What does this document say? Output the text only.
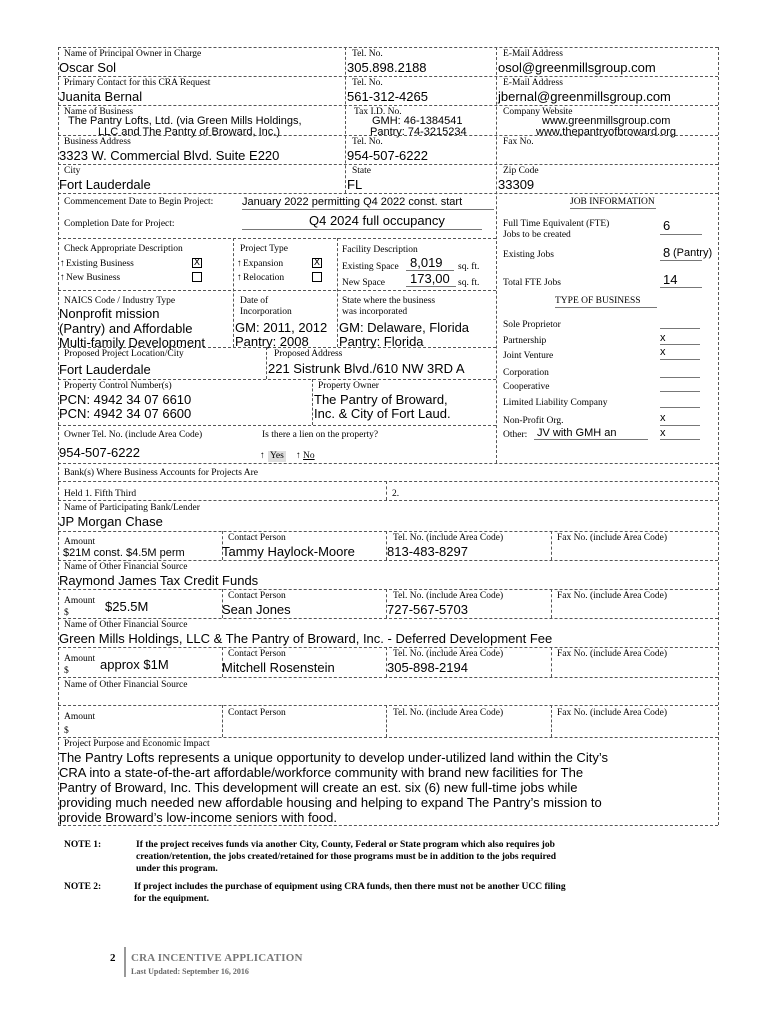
Name of Principal Owner in Charge
Oscar Sol
Tel. No.
305.898.2188
E-Mail Address
osol@greenmillsgroup.com
Primary Contact for this CRA Request
Juanita Bernal
Tel. No.
561-312-4265
E-Mail Address
jbernal@greenmillsgroup.com
Name of Business
The Pantry Lofts, Ltd. (via Green Mills Holdings,
LLC and The Pantry of Broward, Inc.)
Tax I.D. No.
GMH: 46-1384541
Pantry: 74-3215234
Company Website
www.greenmillsgroup.com
www.thepantryofbroward.org
Business Address
3323 W. Commercial Blvd. Suite E220
Tel. No.
954-507-6222
Fax No.
City
Fort Lauderdale
State
FL
Zip Code
33309
Commencement Date to Begin Project:	January 2022 permitting Q4 2022 const. start
Completion Date for Project:	Q4 2024 full occupancy
JOB INFORMATION
Full Time Equivalent (FTE)
Jobs to be created
6
Existing Jobs	8 (Pantry)
Total FTE Jobs	14
Check Appropriate Description
↑ Existing Business	X
↑ New Business
Project Type
↑ Expansion	X
↑ Relocation
Facility Description
Existing Space 8,019 sq. ft.
New Space 173,00 sq. ft.
TYPE OF BUSINESS
Sole Proprietor
Partnership	x
Joint Venture	x
Corporation
Cooperative
Limited Liability Company
Non-Profit Org.	x
Other: JV with GMH an	x
NAICS Code / Industry Type
Nonprofit mission
(Pantry) and Affordable
Multi-family Development
Date of
Incorporation
GM: 2011, 2012
Pantry: 2008
State where the business
was incorporated
GM: Delaware, Florida
Pantry: Florida
Proposed Project Location/City
Fort Lauderdale
Proposed Address
221 Sistrunk Blvd./610 NW 3RD A
Property Control Number(s)
PCN: 4942 34 07 6610
PCN: 4942 34 07 6600
Property Owner
The Pantry of Broward,
Inc. & City of Fort Laud.
Owner Tel. No. (include Area Code)
954-507-6222
Is there a lien on the property?
↑ Yes ↑ No
Bank(s) Where Business Accounts for Projects Are
Held 1. Fifth Third	2.
Name of Participating Bank/Lender
JP Morgan Chase
Amount
$21M const. $4.5M perm
Contact Person
Tammy Haylock-Moore
Tel. No. (include Area Code)
813-483-8297
Fax No. (include Area Code)
Name of Other Financial Source
Raymond James Tax Credit Funds
Amount
$	$25.5M
Contact Person
Sean Jones
Tel. No. (include Area Code)
727-567-5703
Fax No. (include Area Code)
Name of Other Financial Source
Green Mills Holdings, LLC & The Pantry of Broward, Inc. - Deferred Development Fee
Amount
$ approx $1M
Contact Person
Mitchell Rosenstein
Tel. No. (include Area Code)
305-898-2194
Fax No. (include Area Code)
Name of Other Financial Source
Amount
$
Contact Person	Tel. No. (include Area Code)	Fax No. (include Area Code)
Project Purpose and Economic Impact
The Pantry Lofts represents a unique opportunity to develop under-utilized land within the City’s
CRA into a state-of-the-art affordable/workforce community with brand new facilities for The
Pantry of Broward, Inc. This development will create an est. six (6) new full-time jobs while
providing much needed new affordable housing and helping to expand The Pantry’s mission to
provide Broward’s low-income seniors with food.
NOTE 1:	If the project receives funds via another City, County, Federal or State program which also requires job
creation/retention, the jobs created/retained for those programs must be in addition to the jobs required
under this program.
NOTE 2:	If project includes the purchase of equipment using CRA funds, then there must not be another UCC filing
for the equipment.
2 CRA INCENTIVE APPLICATION
Last Updated: September 16, 2016
